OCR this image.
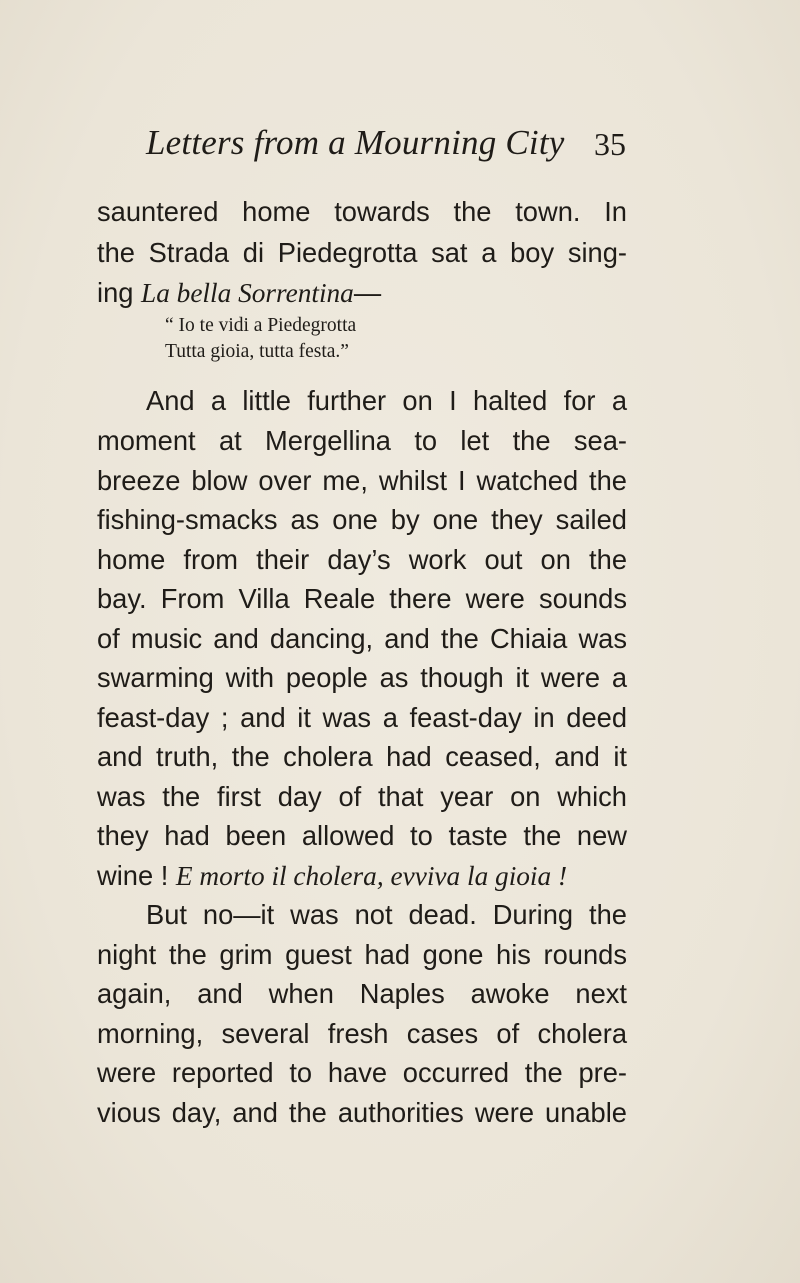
Letters from a Mourning City 35
sauntered home towards the town. In
the Strada di Piedegrotta sat a boy sing-
ing La bella Sorrentina—
“ Io te vidi a Piedegrotta
Tutta gioia, tutta festa.”
And a little further on I halted for a
moment at Mergellina to let the sea-
breeze blow over me, whilst I watched the
fishing-smacks as one by one they sailed
home from their day’s work out on the
bay. From Villa Reale there were sounds
of music and dancing, and the Chiaia was
swarming with people as though it were a
feast-day ; and it was a feast-day in deed
and truth, the cholera had ceased, and it
was the first day of that year on which
they had been allowed to taste the new
wine ! E morto il cholera, evviva la gioia !
But no—it was not dead. During the
night the grim guest had gone his rounds
again, and when Naples awoke next
morning, several fresh cases of cholera
were reported to have occurred the pre-
vious day, and the authorities were unable
